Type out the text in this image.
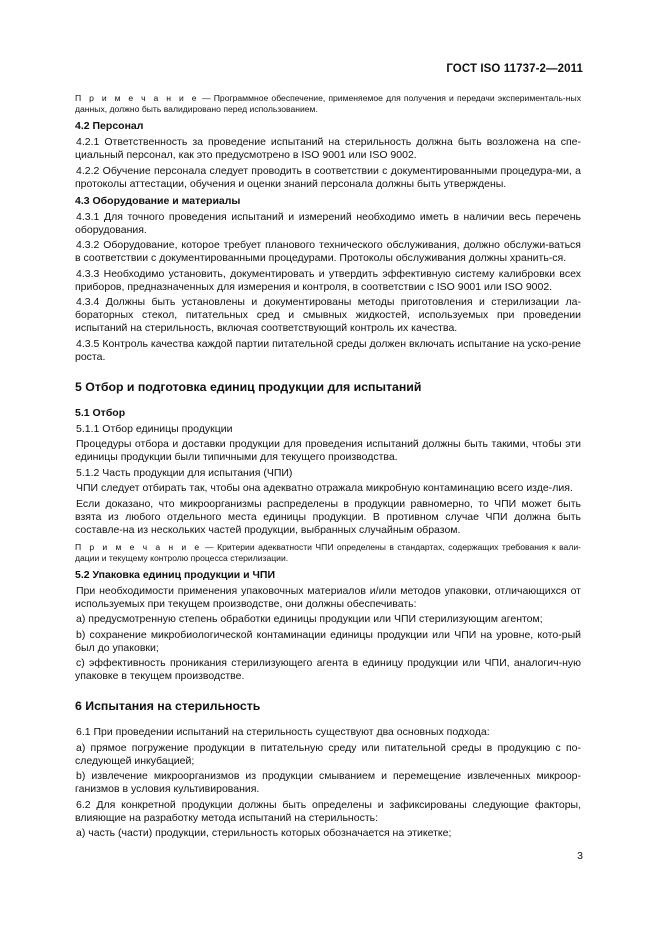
ГОСТ ISO 11737-2—2011

П р и м е ч а н и е — Программное обеспечение, применяемое для получения и передачи эксперименталь-ных данных, должно быть валидировано перед использованием.

4.2 Персонал

4.2.1 Ответственность за проведение испытаний на стерильность должна быть возложена на спе-циальный персонал, как это предусмотрено в ISO 9001 или ISO 9002.

4.2.2 Обучение персонала следует проводить в соответствии с документированными процедура-ми, а протоколы аттестации, обучения и оценки знаний персонала должны быть утверждены.

4.3 Оборудование и материалы

4.3.1 Для точного проведения испытаний и измерений необходимо иметь в наличии весь перечень оборудования.

4.3.2 Оборудование, которое требует планового технического обслуживания, должно обслужи-ваться в соответствии с документированными процедурами. Протоколы обслуживания должны хранить-ся.

4.3.3 Необходимо установить, документировать и утвердить эффективную систему калибровки всех приборов, предназначенных для измерения и контроля, в соответствии с ISO 9001 или ISO 9002.

4.3.4 Должны быть установлены и документированы методы приготовления и стерилизации ла-бораторных стекол, питательных сред и смывных жидкостей, используемых при проведении испытаний на стерильность, включая соответствующий контроль их качества.

4.3.5 Контроль качества каждой партии питательной среды должен включать испытание на уско-рение роста.

5 Отбор и подготовка единиц продукции для испытаний

5.1 Отбор

5.1.1 Отбор единицы продукции

Процедуры отбора и доставки продукции для проведения испытаний должны быть такими, чтобы эти единицы продукции были типичными для текущего производства.

5.1.2 Часть продукции для испытания (ЧПИ)

ЧПИ следует отбирать так, чтобы она адекватно отражала микробную контаминацию всего изде-лия.

Если доказано, что микроорганизмы распределены в продукции равномерно, то ЧПИ может быть взята из любого отдельного места единицы продукции. В противном случае ЧПИ должна быть составле-на из нескольких частей продукции, выбранных случайным образом.

П р и м е ч а н и е — Критерии адекватности ЧПИ определены в стандартах, содержащих требования к вали-дации и текущему контролю процесса стерилизации.

5.2 Упаковка единиц продукции и ЧПИ

При необходимости применения упаковочных материалов и/или методов упаковки, отличающихся от используемых при текущем производстве, они должны обеспечивать:

а) предусмотренную степень обработки единицы продукции или ЧПИ стерилизующим агентом;

b) сохранение микробиологической контаминации единицы продукции или ЧПИ на уровне, кото-рый был до упаковки;

с) эффективность проникания стерилизующего агента в единицу продукции или ЧПИ, аналогич-ную упаковке в текущем производстве.

6 Испытания на стерильность

6.1 При проведении испытаний на стерильность существуют два основных подхода:

а) прямое погружение продукции в питательную среду или питательной среды в продукцию с по-следующей инкубацией;

b) извлечение микроорганизмов из продукции смыванием и перемещение извлеченных микроор-ганизмов в условия культивирования.

6.2 Для конкретной продукции должны быть определены и зафиксированы следующие факторы, влияющие на разработку метода испытаний на стерильность:

а) часть (части) продукции, стерильность которых обозначается на этикетке;

3
